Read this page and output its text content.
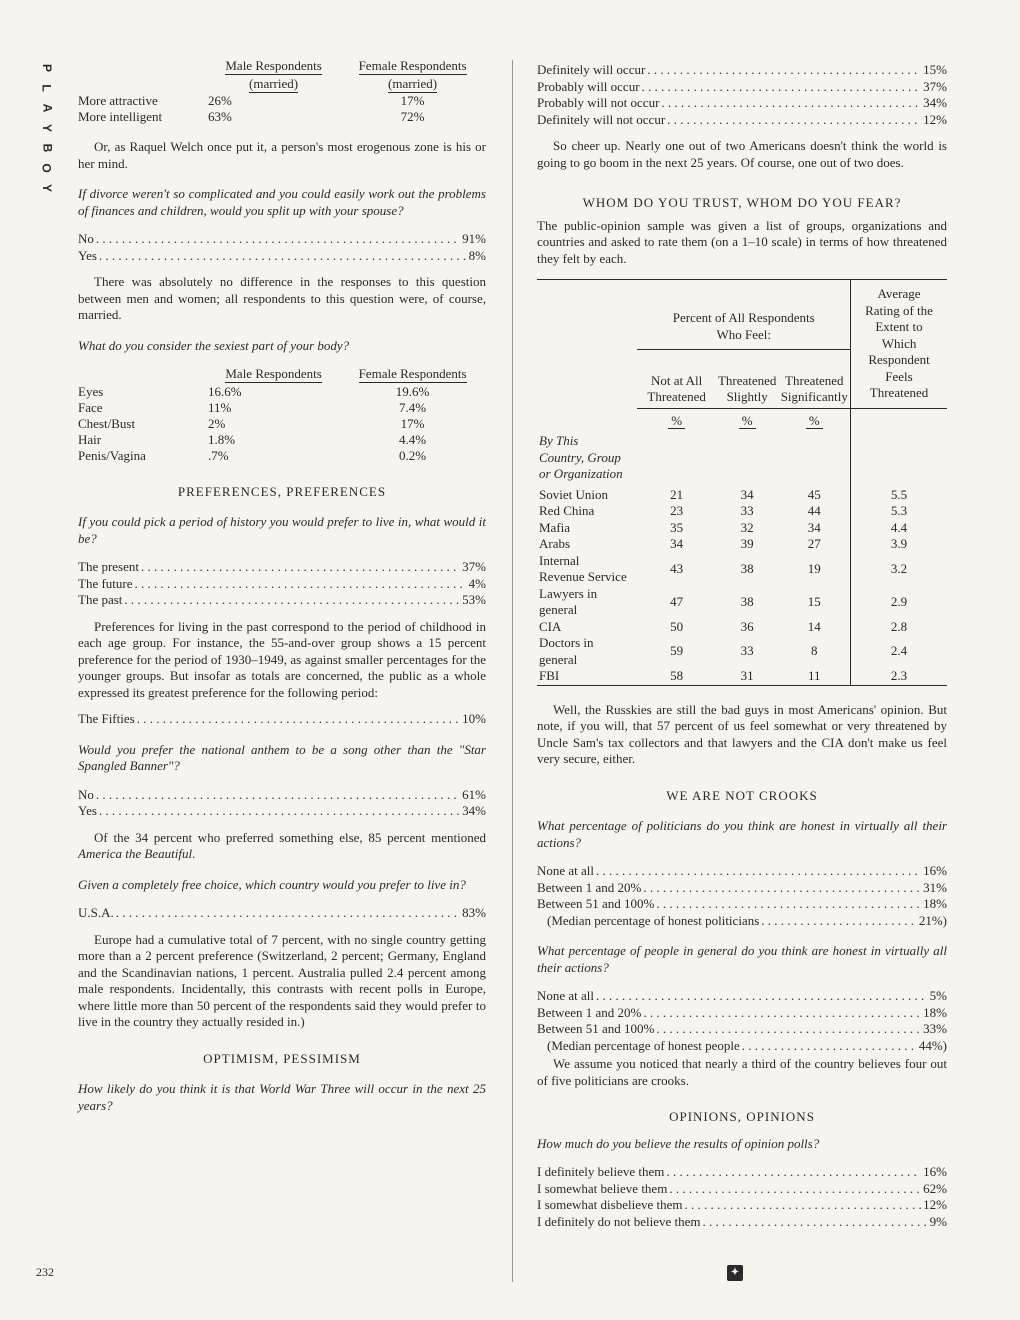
P
L
A
Y
B
O
Y
232
	Male Respondents	Female Respondents
	(married)	(married)
More attractive	26%	17%
More intelligent	63%	72%

Or, as Raquel Welch once put it, a person's most erogenous zone is his or her mind.

If divorce weren't so complicated and you could easily work out the problems of finances and children, would you split up with your spouse?
No . . .	91%
Yes . . .	8%

There was absolutely no difference in the responses to this question between men and women; all respondents to this question were, of course, married.

What do you consider the sexiest part of your body?
	Male Respondents	Female Respondents
Eyes	16.6%	19.6%
Face	11%	7.4%
Chest/Bust	2%	17%
Hair	1.8%	4.4%
Penis/Vagina	.7%	0.2%
PREFERENCES, PREFERENCES
If you could pick a period of history you would prefer to live in, what would it be?
The present . . .	37%
The future . . .	4%
The past . . .	53%

Preferences for living in the past correspond to the period of childhood in each age group. For instance, the 55-and-over group shows a 15 percent preference for the period of 1930–1949, as against smaller percentages for the younger groups. But insofar as totals are concerned, the public as a whole expressed its greatest preference for the following period:

The Fifties . . .	10%
Would you prefer the national anthem to be a song other than the "Star Spangled Banner"?
No . . .	61%
Yes . . .	34%

Of the 34 percent who preferred something else, 85 percent mentioned America the Beautiful.

Given a completely free choice, which country would you prefer to live in?
U.S.A. . . .	83%

Europe had a cumulative total of 7 percent, with no single country getting more than a 2 percent preference (Switzerland, 2 percent; Germany, England and the Scandinavian nations, 1 percent. Australia pulled 2.4 percent among male respondents. Incidentally, this contrasts with recent polls in Europe, where little more than 50 percent of the respondents said they would prefer to live in the country they actually resided in.)

OPTIMISM, PESSIMISM
How likely do you think it is that World War Three will occur in the next 25 years?
Definitely will occur . . .	15%
Probably will occur . . .	37%
Probably will not occur . . .	34%
Definitely will not occur . . .	12%

So cheer up. Nearly one out of two Americans doesn't think the world is going to go boom in the next 25 years. Of course, one out of two does.

WHOM DO YOU TRUST, WHOM DO YOU FEAR?

The public-opinion sample was given a list of groups, organizations and countries and asked to rate them (on a 1–10 scale) in terms of how threatened they felt by each.

	Percent of All Respondents Who Feel:			Average Rating of the Extent to Which Respondent Feels Threatened
	Not at All Threatened	Threatened Slightly	Threatened Significantly	
	%	%	%	
By This Country, Group or Organization				
Soviet Union	21	34	45	5.5
Red China	23	33	44	5.3
Mafia	35	32	34	4.4
Arabs	34	39	27	3.9
Internal Revenue Service	43	38	19	3.2
Lawyers in general	47	38	15	2.9
CIA	50	36	14	2.8
Doctors in general	59	33	8	2.4
FBI	58	31	11	2.3

Well, the Russkies are still the bad guys in most Americans' opinion. But note, if you will, that 57 percent of us feel somewhat or very threatened by Uncle Sam's tax collectors and that lawyers and the CIA don't make us feel very secure, either.

WE ARE NOT CROOKS
What percentage of politicians do you think are honest in virtually all their actions?
None at all . . .	16%
Between 1 and 20% . . .	31%
Between 51 and 100% . . .	18%
(Median percentage of honest politicians . . .	21%)
What percentage of people in general do you think are honest in virtually all their actions?
None at all . . .	5%
Between 1 and 20% . . .	18%
Between 51 and 100% . . .	33%
(Median percentage of honest people . . .	44%)

We assume you noticed that nearly a third of the country believes four out of five politicians are crooks.

OPINIONS, OPINIONS
How much do you believe the results of opinion polls?
I definitely believe them . . .	16%
I somewhat believe them . . .	62%
I somewhat disbelieve them . . .	12%
I definitely do not believe them . . .	9%
✦
